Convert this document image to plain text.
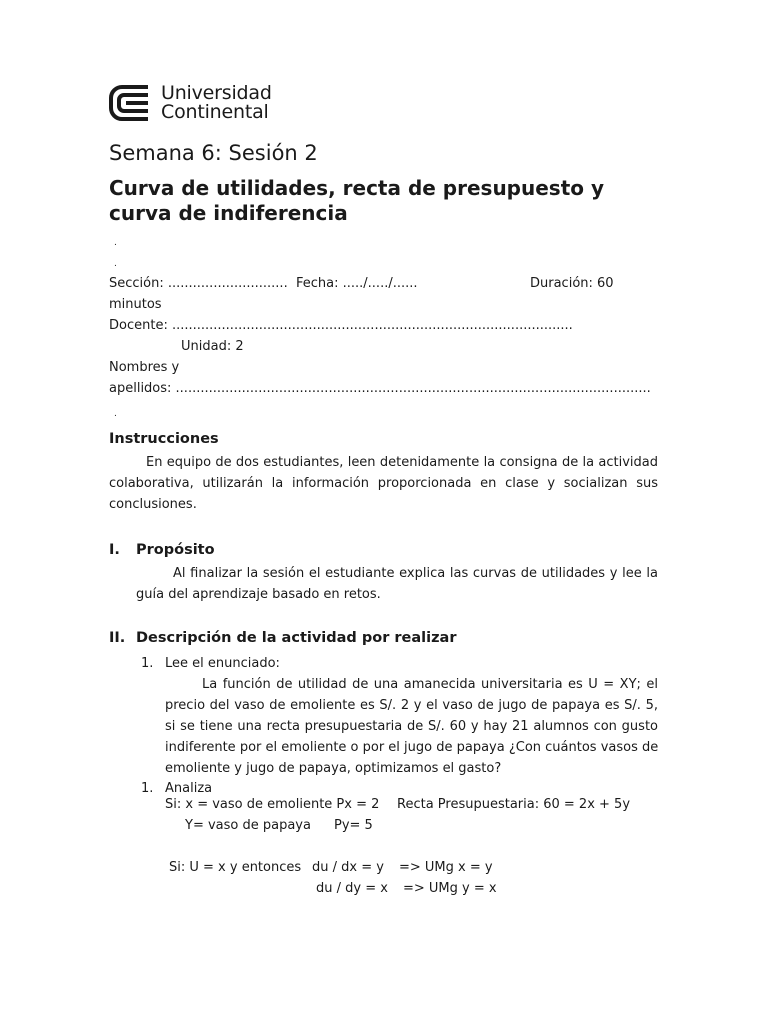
Universidad
Continental
Semana 6: Sesión 2
Curva de utilidades, recta de presupuesto y
curva de indiferencia
.
.
Sección: ............................. Fecha: ...../...../......	Duración: 60
minutos
Docente: .................................................................................................
Unidad: 2
Nombres y
apellidos: ...................................................................................................................
.
Instrucciones
En equipo de dos estudiantes, leen detenidamente la consigna de la actividad
colaborativa, utilizarán la información proporcionada en clase y socializan sus
conclusiones.
I. Propósito
Al finalizar la sesión el estudiante explica las curvas de utilidades y lee la
guía del aprendizaje basado en retos.
II. Descripción de la actividad por realizar
1. Lee el enunciado:
La función de utilidad de una amanecida universitaria es U = XY; el
precio del vaso de emoliente es S/. 2 y el vaso de jugo de papaya es S/. 5,
si se tiene una recta presupuestaria de S/. 60 y hay 21 alumnos con gusto
indiferente por el emoliente o por el jugo de papaya ¿Con cuántos vasos de
emoliente y jugo de papaya, optimizamos el gasto?
1. Analiza
Si: x = vaso de emoliente Px = 2 Recta Presupuestaria: 60 = 2x + 5y
Y= vaso de papaya Py= 5
Si: U = x y entonces du / dx = y => UMg x = y
du / dy = x => UMg y = x
